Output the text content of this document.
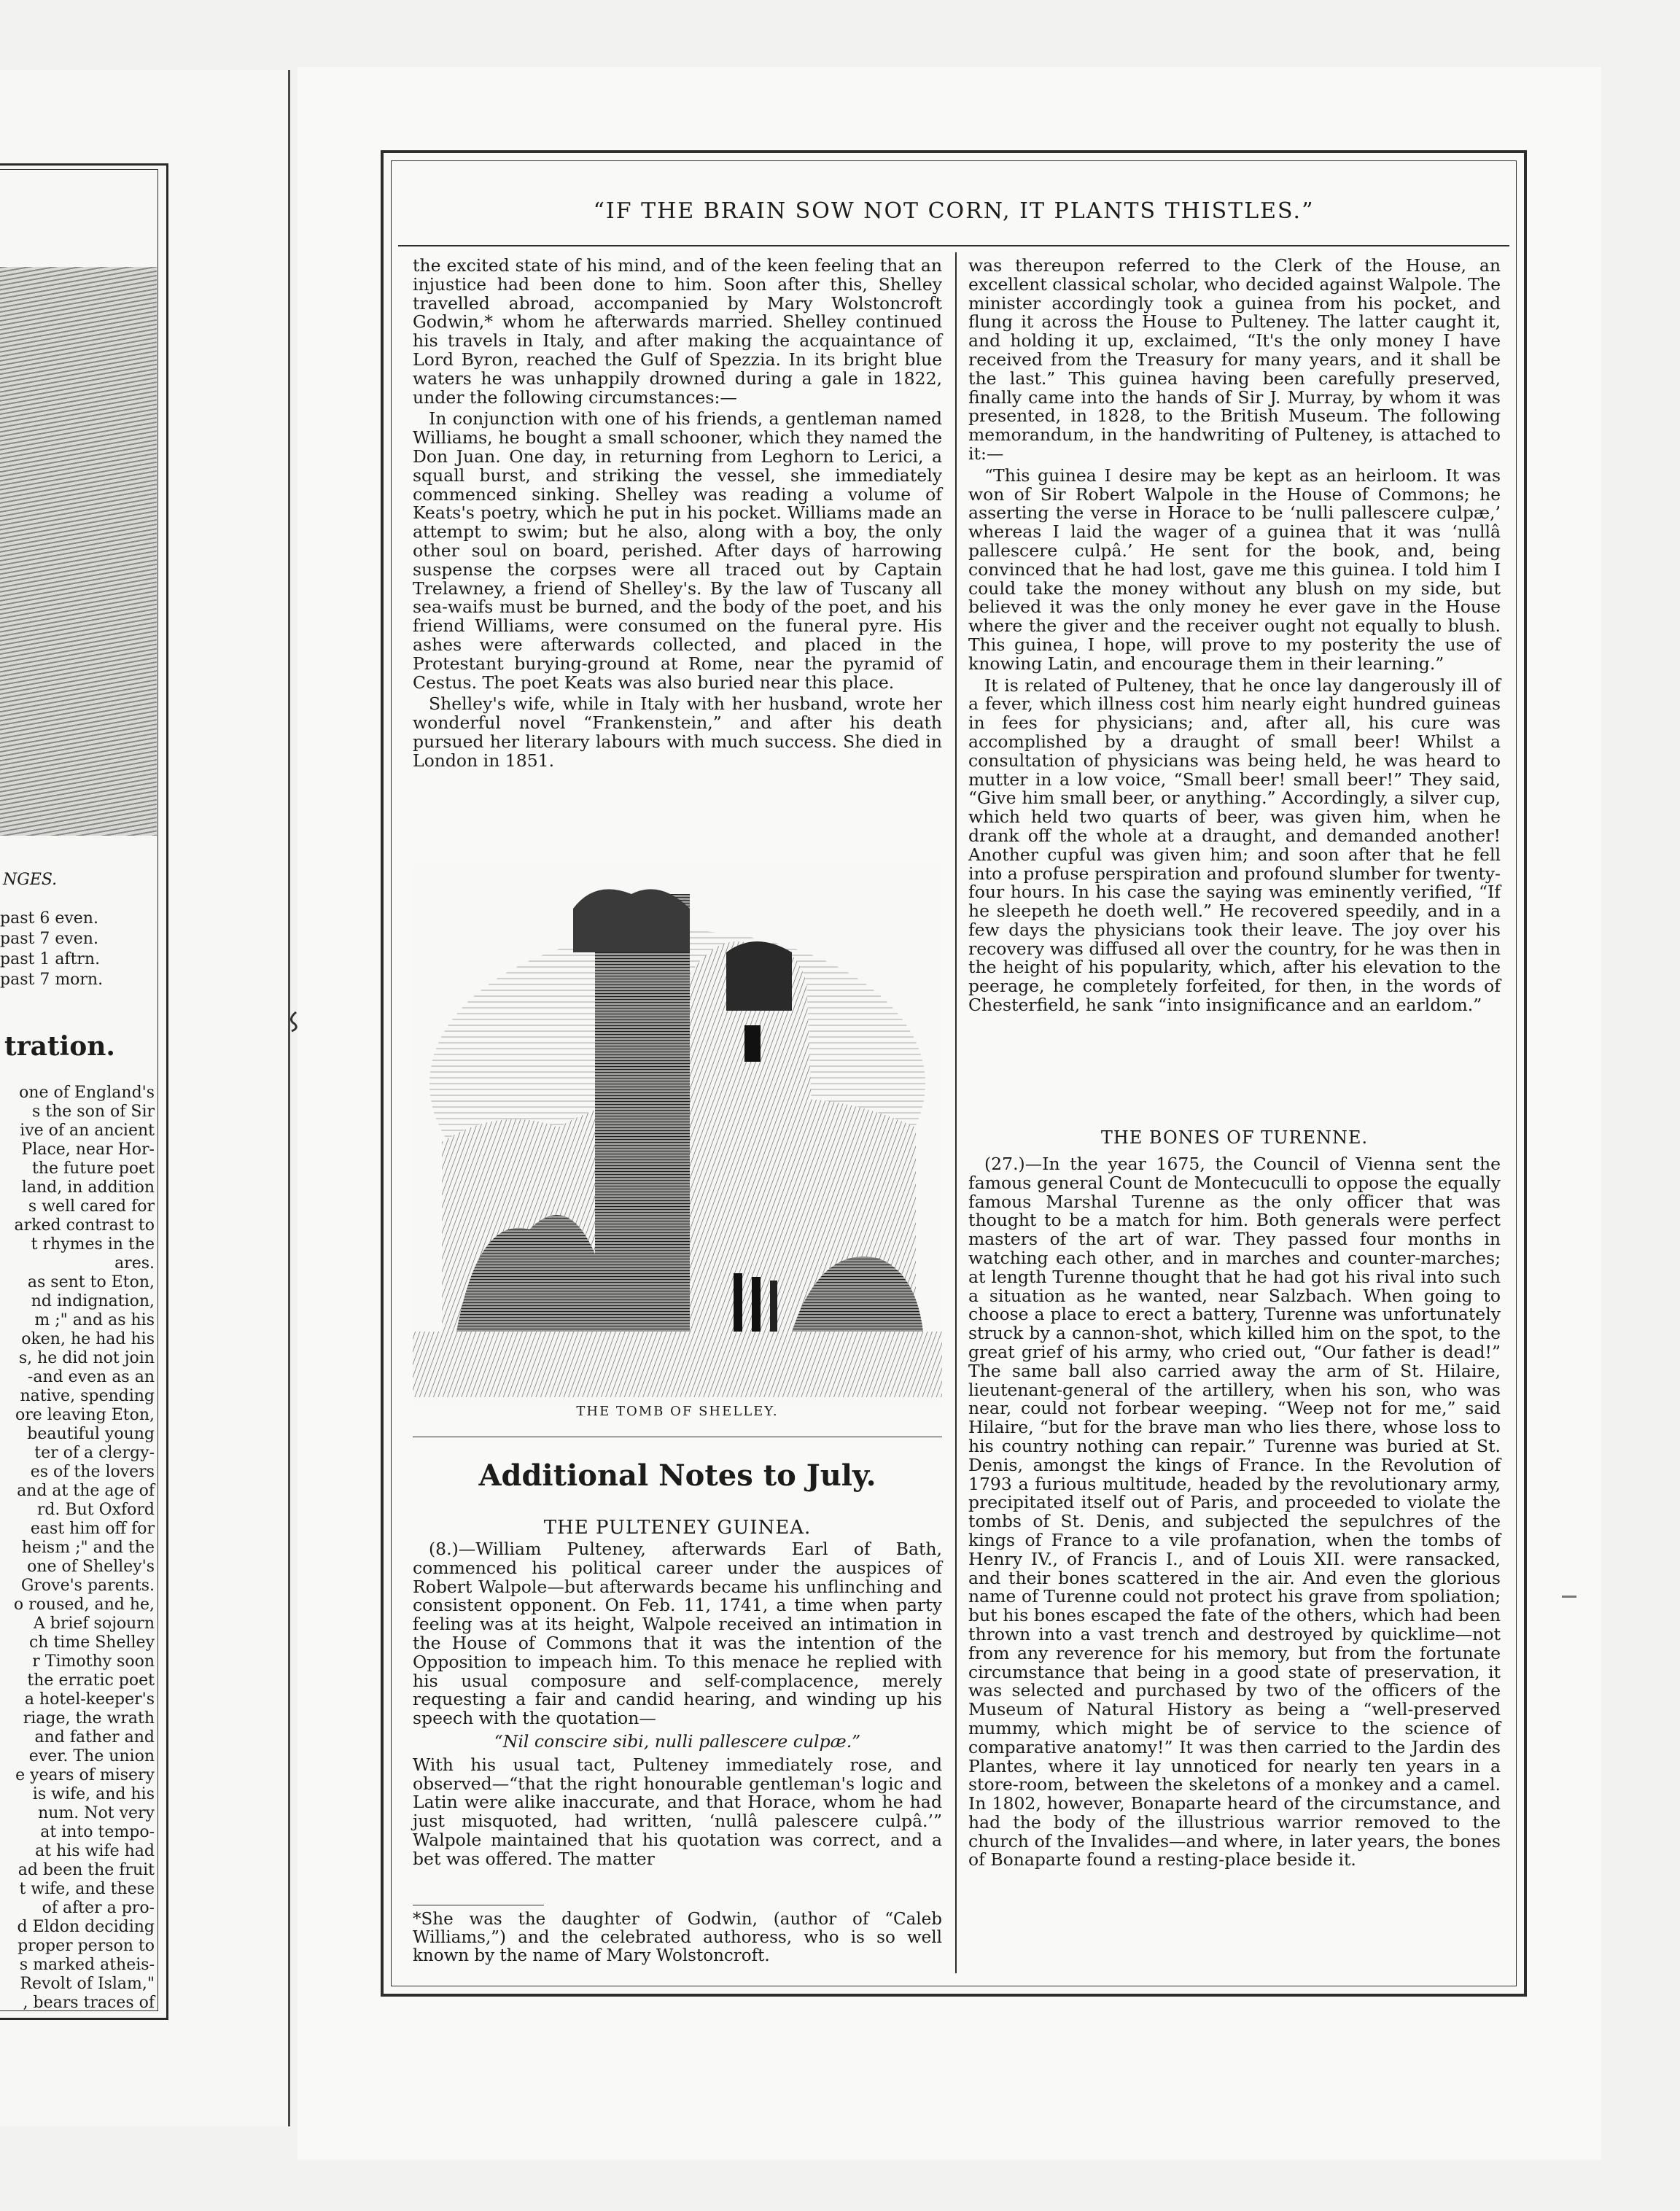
NGES.
past 6 even.
past 7 even.
past 1 aftrn.
past 7 morn.
tration.
one of England's
s the son of Sir
ive of an ancient
Place, near Hor-
the future poet
land, in addition
s well cared for
arked contrast to
t rhymes in the
ares.
as sent to Eton,
nd indignation,
m ;" and as his
oken, he had his
s, he did not join
-and even as an
native, spending
ore leaving Eton,
beautiful young
ter of a clergy-
es of the lovers
and at the age of
rd. But Oxford
east him off for
heism ;" and the
one of Shelley's
Grove's parents.
o roused, and he,
A brief sojourn
ch time Shelley
r Timothy soon
the erratic poet
a hotel-keeper's
riage, the wrath
and father and
ever. The union
e years of misery
is wife, and his
num. Not very
at into tempo-
at his wife had
ad been the fruit
t wife, and these
of after a pro-
d Eldon deciding
proper person to
s marked atheis-
Revolt of Islam,"
, bears traces of
“IF THE BRAIN SOW NOT CORN, IT PLANTS THISTLES.”

the excited state of his mind, and of the keen feeling that an injustice had been done to him. Soon after this, Shelley travelled abroad, accompanied by Mary Wolstoncroft Godwin,* whom he afterwards married. Shelley continued his travels in Italy, and after making the acquaintance of Lord Byron, reached the Gulf of Spezzia. In its bright blue waters he was unhappily drowned during a gale in 1822, under the following circumstances:—

In conjunction with one of his friends, a gentleman named Williams, he bought a small schooner, which they named the Don Juan. One day, in returning from Leghorn to Lerici, a squall burst, and striking the vessel, she immediately commenced sinking. Shelley was reading a volume of Keats's poetry, which he put in his pocket. Williams made an attempt to swim; but he also, along with a boy, the only other soul on board, perished. After days of harrowing suspense the corpses were all traced out by Captain Trelawney, a friend of Shelley's. By the law of Tuscany all sea-waifs must be burned, and the body of the poet, and his friend Williams, were consumed on the funeral pyre. His ashes were afterwards collected, and placed in the Protestant burying-ground at Rome, near the pyramid of Cestus. The poet Keats was also buried near this place.

Shelley's wife, while in Italy with her husband, wrote her wonderful novel “Frankenstein,” and after his death pursued her literary labours with much success. She died in London in 1851.

THE TOMB OF SHELLEY.
Additional Notes to July.
THE PULTENEY GUINEA.

(8.)—William Pulteney, afterwards Earl of Bath, commenced his political career under the auspices of Robert Walpole—but afterwards became his unflinching and consistent opponent. On Feb. 11, 1741, a time when party feeling was at its height, Walpole received an intimation in the House of Commons that it was the intention of the Opposition to impeach him. To this menace he replied with his usual composure and self-complacence, merely requesting a fair and candid hearing, and winding up his speech with the quotation—

“Nil conscire sibi, nulli pallescere culpæ.”

With his usual tact, Pulteney immediately rose, and observed—“that the right honourable gentleman's logic and Latin were alike inaccurate, and that Horace, whom he had just misquoted, had written, ‘nullâ palescere culpâ.’” Walpole maintained that his quotation was correct, and a bet was offered. The matter

*She was the daughter of Godwin, (author of “Caleb Williams,”) and the celebrated authoress, who is so well known by the name of Mary Wolstoncroft.

was thereupon referred to the Clerk of the House, an excellent classical scholar, who decided against Walpole. The minister accordingly took a guinea from his pocket, and flung it across the House to Pulteney. The latter caught it, and holding it up, exclaimed, “It's the only money I have received from the Treasury for many years, and it shall be the last.” This guinea having been carefully preserved, finally came into the hands of Sir J. Murray, by whom it was presented, in 1828, to the British Museum. The following memorandum, in the handwriting of Pulteney, is attached to it:—

“This guinea I desire may be kept as an heirloom. It was won of Sir Robert Walpole in the House of Commons; he asserting the verse in Horace to be ‘nulli pallescere culpæ,’ whereas I laid the wager of a guinea that it was ‘nullâ pallescere culpâ.’ He sent for the book, and, being convinced that he had lost, gave me this guinea. I told him I could take the money without any blush on my side, but believed it was the only money he ever gave in the House where the giver and the receiver ought not equally to blush. This guinea, I hope, will prove to my posterity the use of knowing Latin, and encourage them in their learning.”

It is related of Pulteney, that he once lay dangerously ill of a fever, which illness cost him nearly eight hundred guineas in fees for physicians; and, after all, his cure was accomplished by a draught of small beer! Whilst a consultation of physicians was being held, he was heard to mutter in a low voice, “Small beer! small beer!” They said, “Give him small beer, or anything.” Accordingly, a silver cup, which held two quarts of beer, was given him, when he drank off the whole at a draught, and demanded another! Another cupful was given him; and soon after that he fell into a profuse perspiration and profound slumber for twenty-four hours. In his case the saying was eminently verified, “If he sleepeth he doeth well.” He recovered speedily, and in a few days the physicians took their leave. The joy over his recovery was diffused all over the country, for he was then in the height of his popularity, which, after his elevation to the peerage, he completely forfeited, for then, in the words of Chesterfield, he sank “into insignificance and an earldom.”

THE BONES OF TURENNE.

(27.)—In the year 1675, the Council of Vienna sent the famous general Count de Montecuculli to oppose the equally famous Marshal Turenne as the only officer that was thought to be a match for him. Both generals were perfect masters of the art of war. They passed four months in watching each other, and in marches and counter-marches; at length Turenne thought that he had got his rival into such a situation as he wanted, near Salzbach. When going to choose a place to erect a battery, Turenne was unfortunately struck by a cannon-shot, which killed him on the spot, to the great grief of his army, who cried out, “Our father is dead!” The same ball also carried away the arm of St. Hilaire, lieutenant-general of the artillery, when his son, who was near, could not forbear weeping. “Weep not for me,” said Hilaire, “but for the brave man who lies there, whose loss to his country nothing can repair.” Turenne was buried at St. Denis, amongst the kings of France. In the Revolution of 1793 a furious multitude, headed by the revolutionary army, precipitated itself out of Paris, and proceeded to violate the tombs of St. Denis, and subjected the sepulchres of the kings of France to a vile profanation, when the tombs of Henry IV., of Francis I., and of Louis XII. were ransacked, and their bones scattered in the air. And even the glorious name of Turenne could not protect his grave from spoliation; but his bones escaped the fate of the others, which had been thrown into a vast trench and destroyed by quicklime—not from any reverence for his memory, but from the fortunate circumstance that being in a good state of preservation, it was selected and purchased by two of the officers of the Museum of Natural History as being a “well-preserved mummy, which might be of service to the science of comparative anatomy!” It was then carried to the Jardin des Plantes, where it lay unnoticed for nearly ten years in a store-room, between the skeletons of a monkey and a camel. In 1802, however, Bonaparte heard of the circumstance, and had the body of the illustrious warrior removed to the church of the Invalides—and where, in later years, the bones of Bonaparte found a resting-place beside it.
